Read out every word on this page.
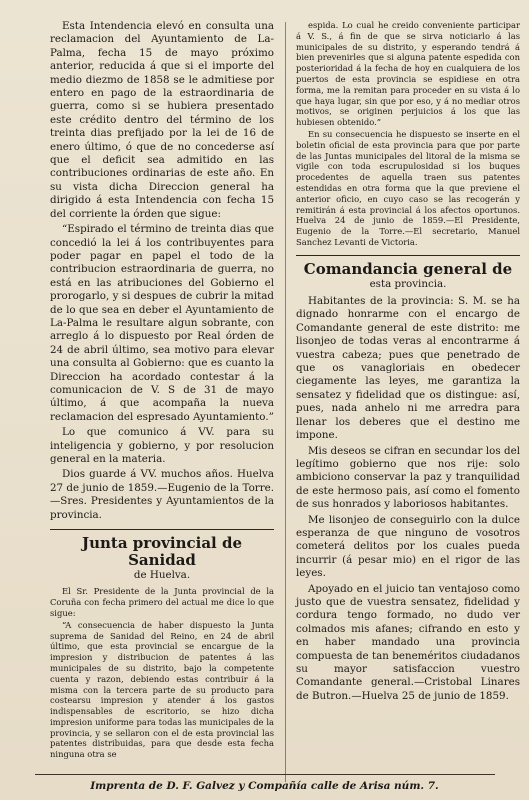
Esta Intendencia elevó en consulta una reclamacion del Ayuntamiento de La-Palma, fecha 15 de mayo próximo anterior, reducida á que si el importe del medio diezmo de 1858 se le admitiese por entero en pago de la estraordinaria de guerra, como si se hubiera presentado este crédito dentro del término de los treinta dias prefijado por la lei de 16 de enero último, ó que de no concederse así que el deficit sea admitido en las contribuciones ordinarias de este año. En su vista dicha Direccion general ha dirigido á esta Intendencia con fecha 15 del corriente la órden que sigue:

“Espirado el término de treinta dias que concedió la lei á los contribuyentes para poder pagar en papel el todo de la contribucion estraordinaria de guerra, no está en las atribuciones del Gobierno el prorogarlo, y si despues de cubrir la mitad de lo que sea en deber el Ayuntamiento de La-Palma le resultare algun sobrante, con arreglo á lo dispuesto por Real órden de 24 de abril último, sea motivo para elevar una consulta al Gobierno: que es cuanto la Direccion ha acordado contestar á la comunicacion de V. S de 31 de mayo último, á que acompaña la nueva reclamacion del espresado Ayuntamiento.”

Lo que comunico á VV. para su inteligencia y gobierno, y por resolucion general en la materia.

Dios guarde á VV. muchos años. Huelva 27 de junio de 1859.—Eugenio de la Torre.—Sres. Presidentes y Ayuntamientos de la provincia.

Junta provincial de Sanidad
de Huelva.

El Sr. Presidente de la Junta provincial de la Coruña con fecha primero del actual me dice lo que sigue:

“A consecuencia de haber dispuesto la Junta suprema de Sanidad del Reino, en 24 de abril último, que esta provincial se encargue de la impresion y distribucion de patentes á las municipales de su distrito, bajo la competente cuenta y razon, debiendo estas contribuir á la misma con la tercera parte de su producto para costearsu impresion y atender á los gastos indispensables de escritorio, se hizo dicha impresion uniforme para todas las municipales de la provincia, y se sellaron con el de esta provincial las patentes distribuidas, para que desde esta fecha ninguna otra se

espida. Lo cual he creido conveniente participar á V. S., á fin de que se sirva noticiarlo á las municipales de su distrito, y esperando tendrá á bien prevenirles que si alguna patente espedida con posterioridad á la fecha de hoy en cualquiera de los puertos de esta provincia se espidiese en otra forma, me la remitan para proceder en su vista á lo que haya lugar, sin que por eso, y á no mediar otros motivos, se originen perjuicios á los que las hubiesen obtenido.”

En su consecuencia he dispuesto se inserte en el boletin oficial de esta provincia para que por parte de las Juntas municipales del litoral de la misma se vigile con toda escrupulosidad si los buques procedentes de aquella traen sus patentes estendidas en otra forma que la que previene el anterior oficio, en cuyo caso se las recogerán y remitirán á esta provincial á los afectos oportunos. Huelva 24 de junio de 1859.—El Presidente, Eugenio de la Torre.—El secretario, Manuel Sanchez Levanti de Victoria.

Comandancia general de
esta provincia.

Habitantes de la provincia: S. M. se ha dignado honrarme con el encargo de Comandante general de este distrito: me lisonjeo de todas veras al encontrarme á vuestra cabeza; pues que penetrado de que os vanagloriais en obedecer ciegamente las leyes, me garantiza la sensatez y fidelidad que os distingue: así, pues, nada anhelo ni me arredra para llenar los deberes que el destino me impone.

Mis deseos se cifran en secundar los del legítimo gobierno que nos rije: solo ambiciono conservar la paz y tranquilidad de este hermoso pais, así como el fomento de sus honrados y laboriosos habitantes.

Me lisonjeo de conseguirlo con la dulce esperanza de que ninguno de vosotros cometerá delitos por los cuales pueda incurrir (á pesar mio) en el rigor de las leyes.

Apoyado en el juicio tan ventajoso como justo que de vuestra sensatez, fidelidad y cordura tengo formado, no dudo ver colmados mis afanes; cifrando en esto y en haber mandado una provincia compuesta de tan beneméritos ciudadanos su mayor satisfaccion vuestro Comandante general.—Cristobal Linares de Butron.—Huelva 25 de junio de 1859.

Imprenta de D. F. Galvez y Compañía calle de Arisa núm. 7.
